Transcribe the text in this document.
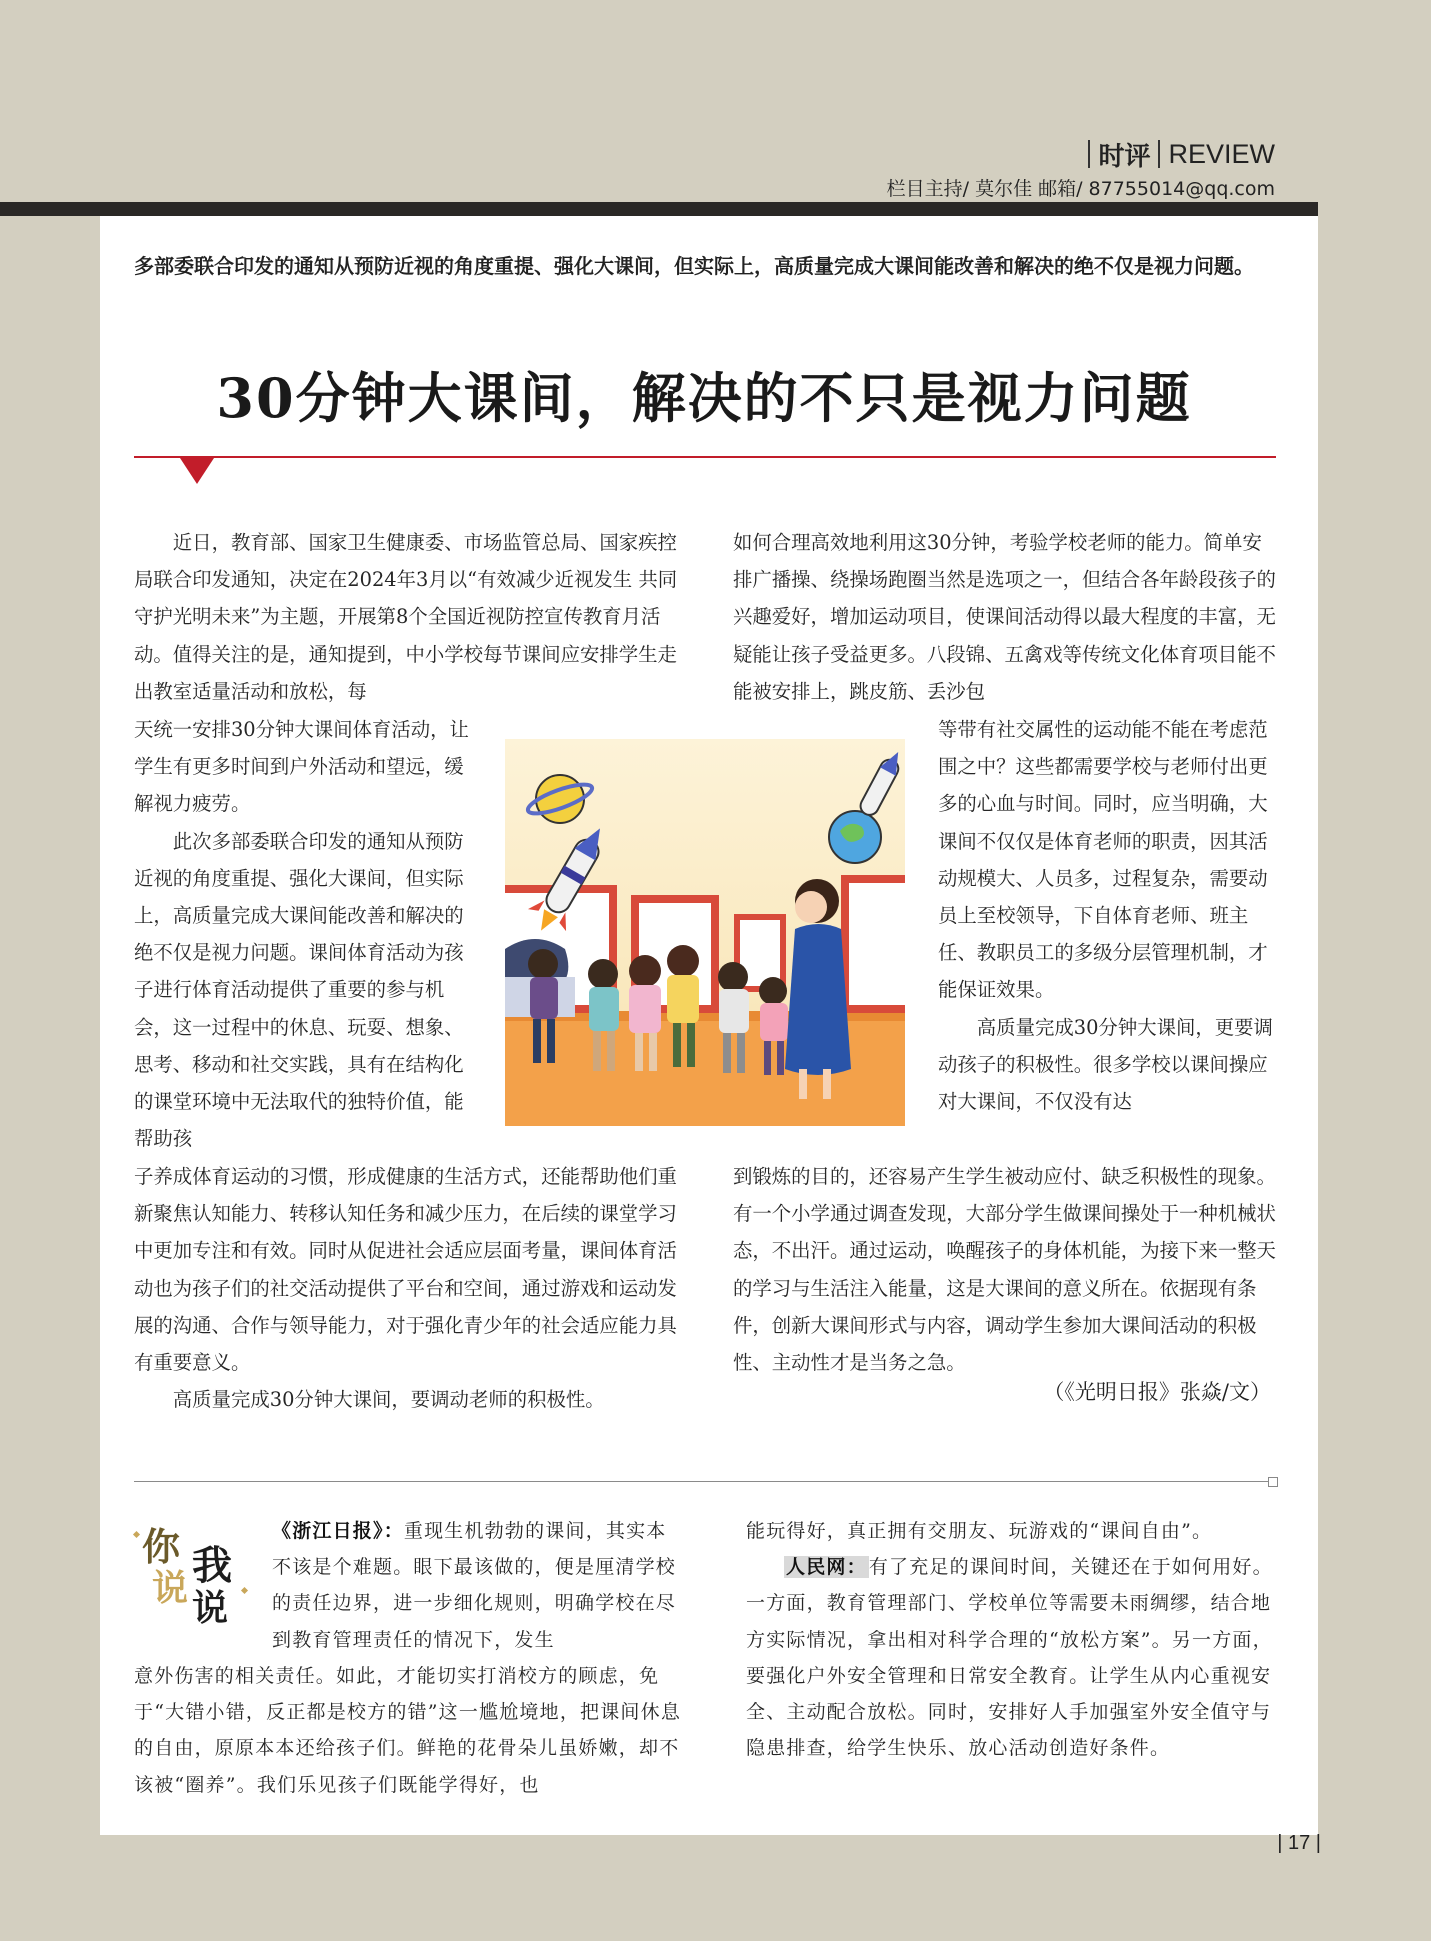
时评 REVIEW
栏目主持/ 莫尔佳 邮箱/ 87755014@qq.com
多部委联合印发的通知从预防近视的角度重提、强化大课间，但实际上，高质量完成大课间能改善和解决的绝不仅是视力问题。
30分钟大课间，解决的不只是视力问题

近日，教育部、国家卫生健康委、市场监管总局、国家疾控局联合印发通知，决定在2024年3月以“有效减少近视发生 共同守护光明未来”为主题，开展第8个全国近视防控宣传教育月活动。值得关注的是，通知提到，中小学校每节课间应安排学生走出教室适量活动和放松，每

天统一安排30分钟大课间体育活动，让学生有更多时间到户外活动和望远，缓解视力疲劳。

此次多部委联合印发的通知从预防近视的角度重提、强化大课间，但实际上，高质量完成大课间能改善和解决的绝不仅是视力问题。课间体育活动为孩子进行体育活动提供了重要的参与机会，这一过程中的休息、玩耍、想象、思考、移动和社交实践，具有在结构化的课堂环境中无法取代的独特价值，能帮助孩

子养成体育运动的习惯，形成健康的生活方式，还能帮助他们重新聚焦认知能力、转移认知任务和减少压力，在后续的课堂学习中更加专注和有效。同时从促进社会适应层面考量，课间体育活动也为孩子们的社交活动提供了平台和空间，通过游戏和运动发展的沟通、合作与领导能力，对于强化青少年的社会适应能力具有重要意义。

高质量完成30分钟大课间，要调动老师的积极性。

如何合理高效地利用这30分钟，考验学校老师的能力。简单安排广播操、绕操场跑圈当然是选项之一，但结合各年龄段孩子的兴趣爱好，增加运动项目，使课间活动得以最大程度的丰富，无疑能让孩子受益更多。八段锦、五禽戏等传统文化体育项目能不能被安排上，跳皮筋、丢沙包

等带有社交属性的运动能不能在考虑范围之中？这些都需要学校与老师付出更多的心血与时间。同时，应当明确，大课间不仅仅是体育老师的职责，因其活动规模大、人员多，过程复杂，需要动员上至校领导，下自体育老师、班主任、教职员工的多级分层管理机制，才能保证效果。

高质量完成30分钟大课间，更要调动孩子的积极性。很多学校以课间操应对大课间，不仅没有达

到锻炼的目的，还容易产生学生被动应付、缺乏积极性的现象。有一个小学通过调查发现，大部分学生做课间操处于一种机械状态，不出汗。通过运动，唤醒孩子的身体机能，为接下来一整天的学习与生活注入能量，这是大课间的意义所在。依据现有条件，创新大课间形式与内容，调动学生参加大课间活动的积极性、主动性才是当务之急。

（《光明日报》张焱/文）
你
说 我
说

《浙江日报》：重现生机勃勃的课间，其实本不该是个难题。眼下最该做的，便是厘清学校的责任边界，进一步细化规则，明确学校在尽到教育管理责任的情况下，发生

意外伤害的相关责任。如此，才能切实打消校方的顾虑，免于“大错小错，反正都是校方的错”这一尴尬境地，把课间休息的自由，原原本本还给孩子们。鲜艳的花骨朵儿虽娇嫩，却不该被“圈养”。我们乐见孩子们既能学得好，也

能玩得好，真正拥有交朋友、玩游戏的“课间自由”。

人民网： 有了充足的课间时间，关键还在于如何用好。一方面，教育管理部门、学校单位等需要未雨绸缪，结合地方实际情况，拿出相对科学合理的“放松方案”。另一方面，要强化户外安全管理和日常安全教育。让学生从内心重视安全、主动配合放松。同时，安排好人手加强室外安全值守与隐患排查，给学生快乐、放心活动创造好条件。

| 17 |
